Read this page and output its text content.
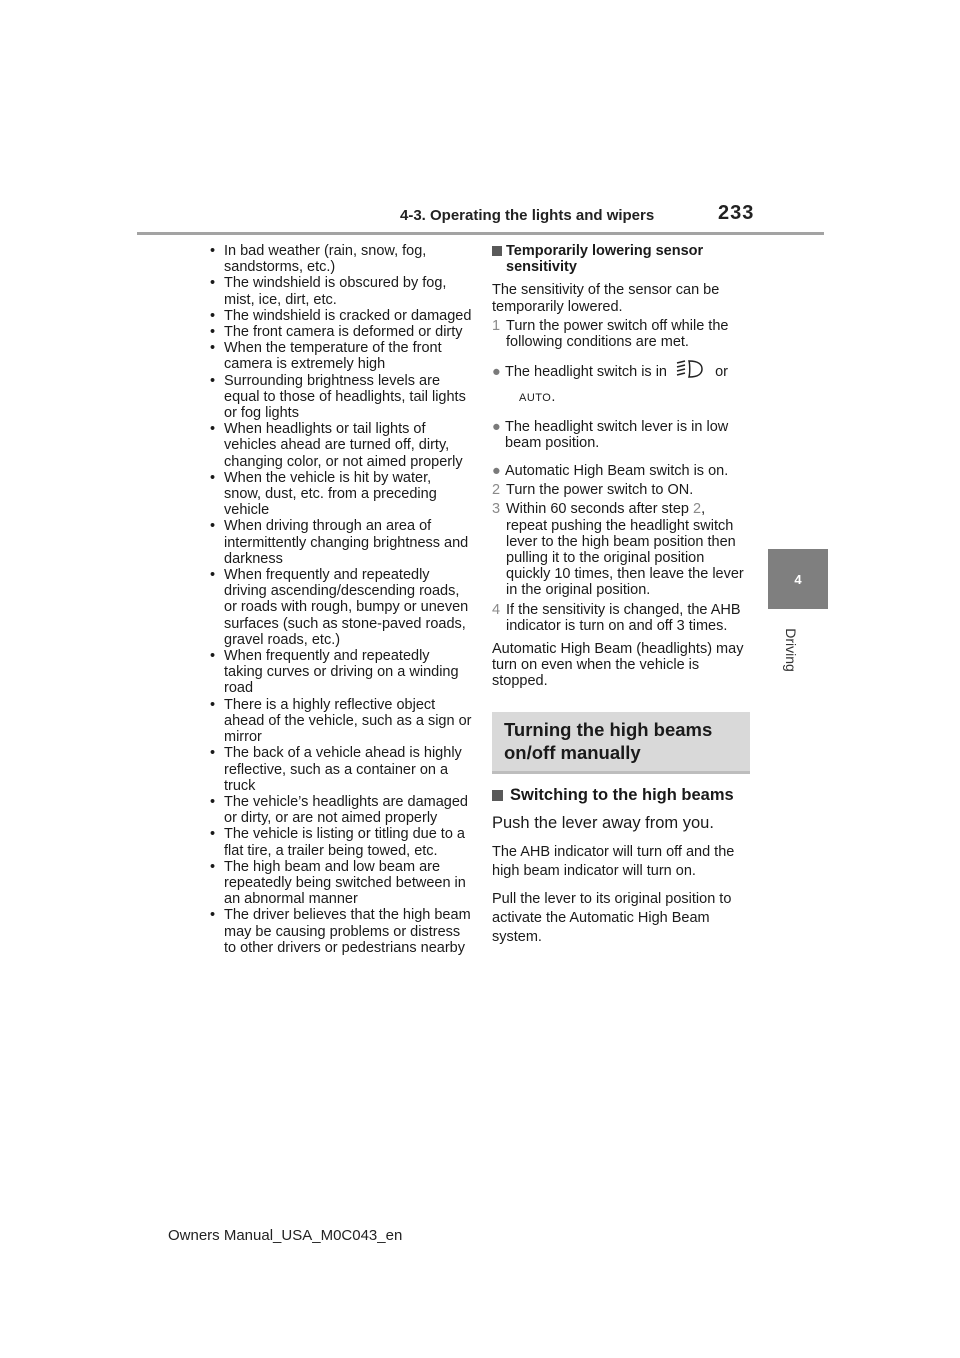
4-3. Operating the lights and wipers	233
4
Driving
• In bad weather (rain, snow, fog, sandstorms, etc.)
• The windshield is obscured by fog, mist, ice, dirt, etc.
• The windshield is cracked or damaged
• The front camera is deformed or dirty
• When the temperature of the front camera is extremely high
• Surrounding brightness levels are equal to those of headlights, tail lights or fog lights
• When headlights or tail lights of vehicles ahead are turned off, dirty, changing color, or not aimed properly
• When the vehicle is hit by water, snow, dust, etc. from a preceding vehicle
• When driving through an area of intermittently changing brightness and darkness
• When frequently and repeatedly driving ascending/descending roads, or roads with rough, bumpy or uneven surfaces (such as stone-paved roads, gravel roads, etc.)
• When frequently and repeatedly taking curves or driving on a winding road
• There is a highly reflective object ahead of the vehicle, such as a sign or mirror
• The back of a vehicle ahead is highly reflective, such as a container on a truck
• The vehicle’s headlights are damaged or dirty, or are not aimed properly
• The vehicle is listing or titling due to a flat tire, a trailer being towed, etc.
• The high beam and low beam are repeatedly being switched between in an abnormal manner
• The driver believes that the high beam may be causing problems or distress to other drivers or pedestrians nearby
Temporarily lowering sensor sensitivity
The sensitivity of the sensor can be temporarily lowered.
1 Turn the power switch off while the following conditions are met.
● The headlight switch is in	or
AUTO.
● The headlight switch lever is in low beam position.
● Automatic High Beam switch is on.
2 Turn the power switch to ON.
3 Within 60 seconds after step 2, repeat pushing the headlight switch lever to the high beam position then pulling it to the original position quickly 10 times, then leave the lever in the original position.
4 If the sensitivity is changed, the AHB indicator is turn on and off 3 times.
Automatic High Beam (headlights) may turn on even when the vehicle is stopped.
Turning the high beams on/off manually
Switching to the high beams
Push the lever away from you.
The AHB indicator will turn off and the high beam indicator will turn on.
Pull the lever to its original position to activate the Automatic High Beam system.
Owners Manual_USA_M0C043_en
